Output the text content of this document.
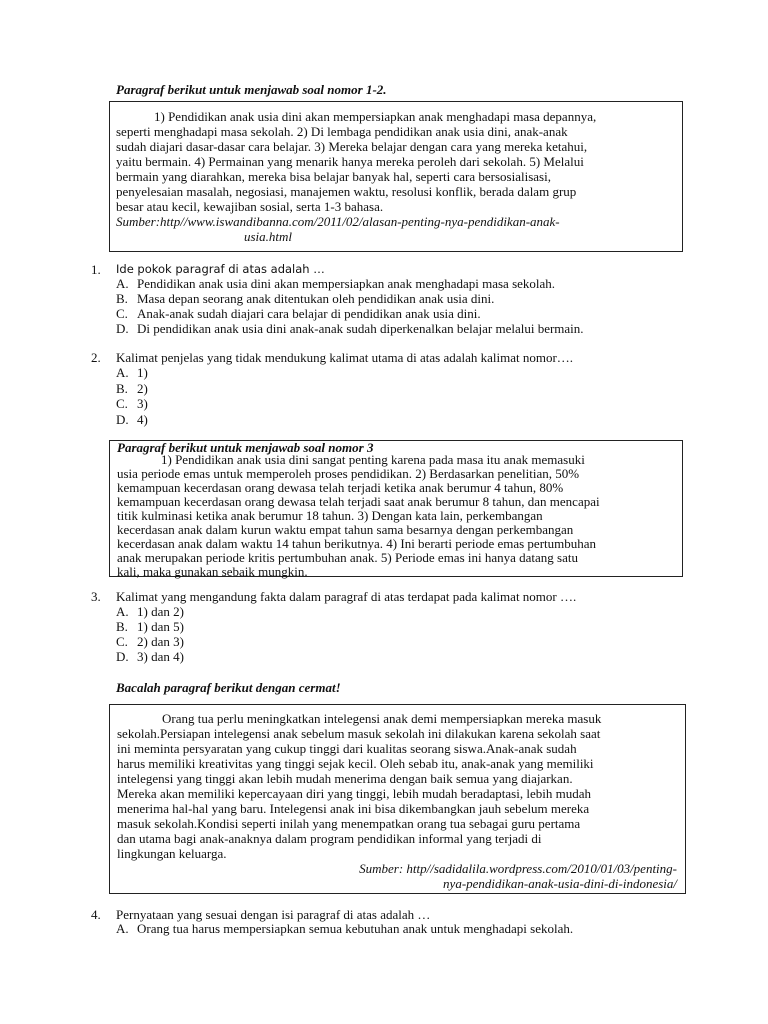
Paragraf berikut untuk menjawab soal nomor 1-2.

1) Pendidikan anak usia dini akan mempersiapkan anak menghadapi masa depannya,

seperti menghadapi masa sekolah. 2) Di lembaga pendidikan anak usia dini, anak-anak

sudah diajari dasar-dasar cara belajar. 3) Mereka belajar dengan cara yang mereka ketahui,

yaitu bermain. 4) Permainan yang menarik hanya mereka peroleh dari sekolah. 5) Melalui

bermain yang diarahkan, mereka bisa belajar banyak hal, seperti cara bersosialisasi,

penyelesaian masalah, negosiasi, manajemen waktu, resolusi konflik, berada dalam grup

besar atau kecil, kewajiban sosial, serta 1-3 bahasa.

Sumber:http//www.iswandibanna.com/2011/02/alasan-penting-nya-pendidikan-anak-

usia.html

1. Ide pokok paragraf di atas adalah …
A. Pendidikan anak usia dini akan mempersiapkan anak menghadapi masa sekolah.
B. Masa depan seorang anak ditentukan oleh pendidikan anak usia dini.
C. Anak-anak sudah diajari cara belajar di pendidikan anak usia dini.
D. Di pendidikan anak usia dini anak-anak sudah diperkenalkan belajar melalui bermain.
2. Kalimat penjelas yang tidak mendukung kalimat utama di atas adalah kalimat nomor….
A. 1)
B. 2)
C. 3)
D. 4)

Paragraf berikut untuk menjawab soal nomor 3

1) Pendidikan anak usia dini sangat penting karena pada masa itu anak memasuki

usia periode emas untuk memperoleh proses pendidikan. 2) Berdasarkan penelitian, 50%

kemampuan kecerdasan orang dewasa telah terjadi ketika anak berumur 4 tahun, 80%

kemampuan kecerdasan orang dewasa telah terjadi saat anak berumur 8 tahun, dan mencapai

titik kulminasi ketika anak berumur 18 tahun. 3) Dengan kata lain, perkembangan

kecerdasan anak dalam kurun waktu empat tahun sama besarnya dengan perkembangan

kecerdasan anak dalam waktu 14 tahun berikutnya. 4) Ini berarti periode emas pertumbuhan

anak merupakan periode kritis pertumbuhan anak. 5) Periode emas ini hanya datang satu

kali, maka gunakan sebaik mungkin.

3. Kalimat yang mengandung fakta dalam paragraf di atas terdapat pada kalimat nomor ….
A. 1) dan 2)
B. 1) dan 5)
C. 2) dan 3)
D. 3) dan 4)
Bacalah paragraf berikut dengan cermat!

Orang tua perlu meningkatkan intelegensi anak demi mempersiapkan mereka masuk

sekolah.Persiapan intelegensi anak sebelum masuk sekolah ini dilakukan karena sekolah saat

ini meminta persyaratan yang cukup tinggi dari kualitas seorang siswa.Anak-anak sudah

harus memiliki kreativitas yang tinggi sejak kecil. Oleh sebab itu, anak-anak yang memiliki

intelegensi yang tinggi akan lebih mudah menerima dengan baik semua yang diajarkan.

Mereka akan memiliki kepercayaan diri yang tinggi, lebih mudah beradaptasi, lebih mudah

menerima hal-hal yang baru. Intelegensi anak ini bisa dikembangkan jauh sebelum mereka

masuk sekolah.Kondisi seperti inilah yang menempatkan orang tua sebagai guru pertama

dan utama bagi anak-anaknya dalam program pendidikan informal yang terjadi di

lingkungan keluarga.

Sumber: http//sadidalila.wordpress.com/2010/01/03/penting-

nya-pendidikan-anak-usia-dini-di-indonesia/

4. Pernyataan yang sesuai dengan isi paragraf di atas adalah …
A. Orang tua harus mempersiapkan semua kebutuhan anak untuk menghadapi sekolah.
